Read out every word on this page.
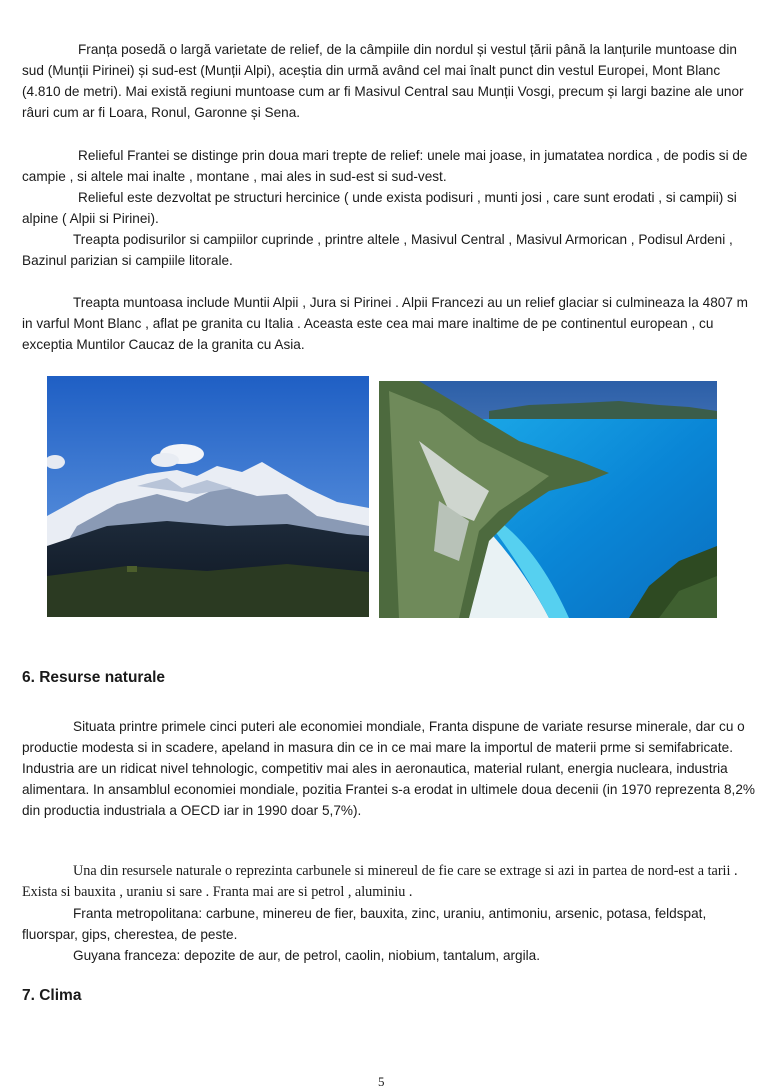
Franța posedă o largă varietate de relief, de la câmpiile din nordul și vestul țării până la lanțurile muntoase din sud (Munții Pirinei) și sud-est (Munții Alpi), aceștia din urmă având cel mai înalt punct din vestul Europei, Mont Blanc (4.810 de metri). Mai există regiuni muntoase cum ar fi Masivul Central sau Munții Vosgi, precum și largi bazine ale unor râuri cum ar fi Loara, Ronul, Garonne și Sena.

Relieful Frantei se distinge prin doua mari trepte de relief: unele mai joase, in jumatatea nordica , de podis si de campie , si altele mai inalte , montane , mai ales in sud-est si sud-vest.

Relieful este dezvoltat pe structuri hercinice ( unde exista podisuri , munti josi , care sunt erodati , si campii) si alpine ( Alpii si Pirinei).

Treapta podisurilor si campiilor cuprinde , printre altele , Masivul Central , Masivul Armorican , Podisul Ardeni , Bazinul parizian si campiile litorale.

Treapta muntoasa include Muntii Alpii , Jura si Pirinei . Alpii Francezi au un relief glaciar si culmineaza la 4807 m in varful Mont Blanc , aflat pe granita cu Italia . Aceasta este cea mai mare inaltime de pe continentul european , cu exceptia Muntilor Caucaz de la granita cu Asia.

6. Resurse naturale

Situata printre primele cinci puteri ale economiei mondiale, Franta dispune de variate resurse minerale, dar cu o productie modesta si in scadere, apeland in masura din ce in ce mai mare la importul de materii prme si semifabricate. Industria are un ridicat nivel tehnologic, competitiv mai ales in aeronautica, material rulant, energia nucleara, industria alimentara. In ansamblul economiei mondiale, pozitia Frantei s-a erodat in ultimele doua decenii (in 1970 reprezenta 8,2% din productia industriala a OECD iar in 1990 doar 5,7%).

Una din resursele naturale o reprezinta carbunele si minereul de fie care se extrage si azi in partea de nord-est a tarii . Exista si bauxita , uraniu si sare . Franta mai are si petrol , aluminiu .

Franta metropolitana: carbune, minereu de fier, bauxita, zinc, uraniu, antimoniu, arsenic, potasa, feldspat, fluorspar, gips, cherestea, de peste.

Guyana franceza: depozite de aur, de petrol, caolin, niobium, tantalum, argila.

7. Clima
5
